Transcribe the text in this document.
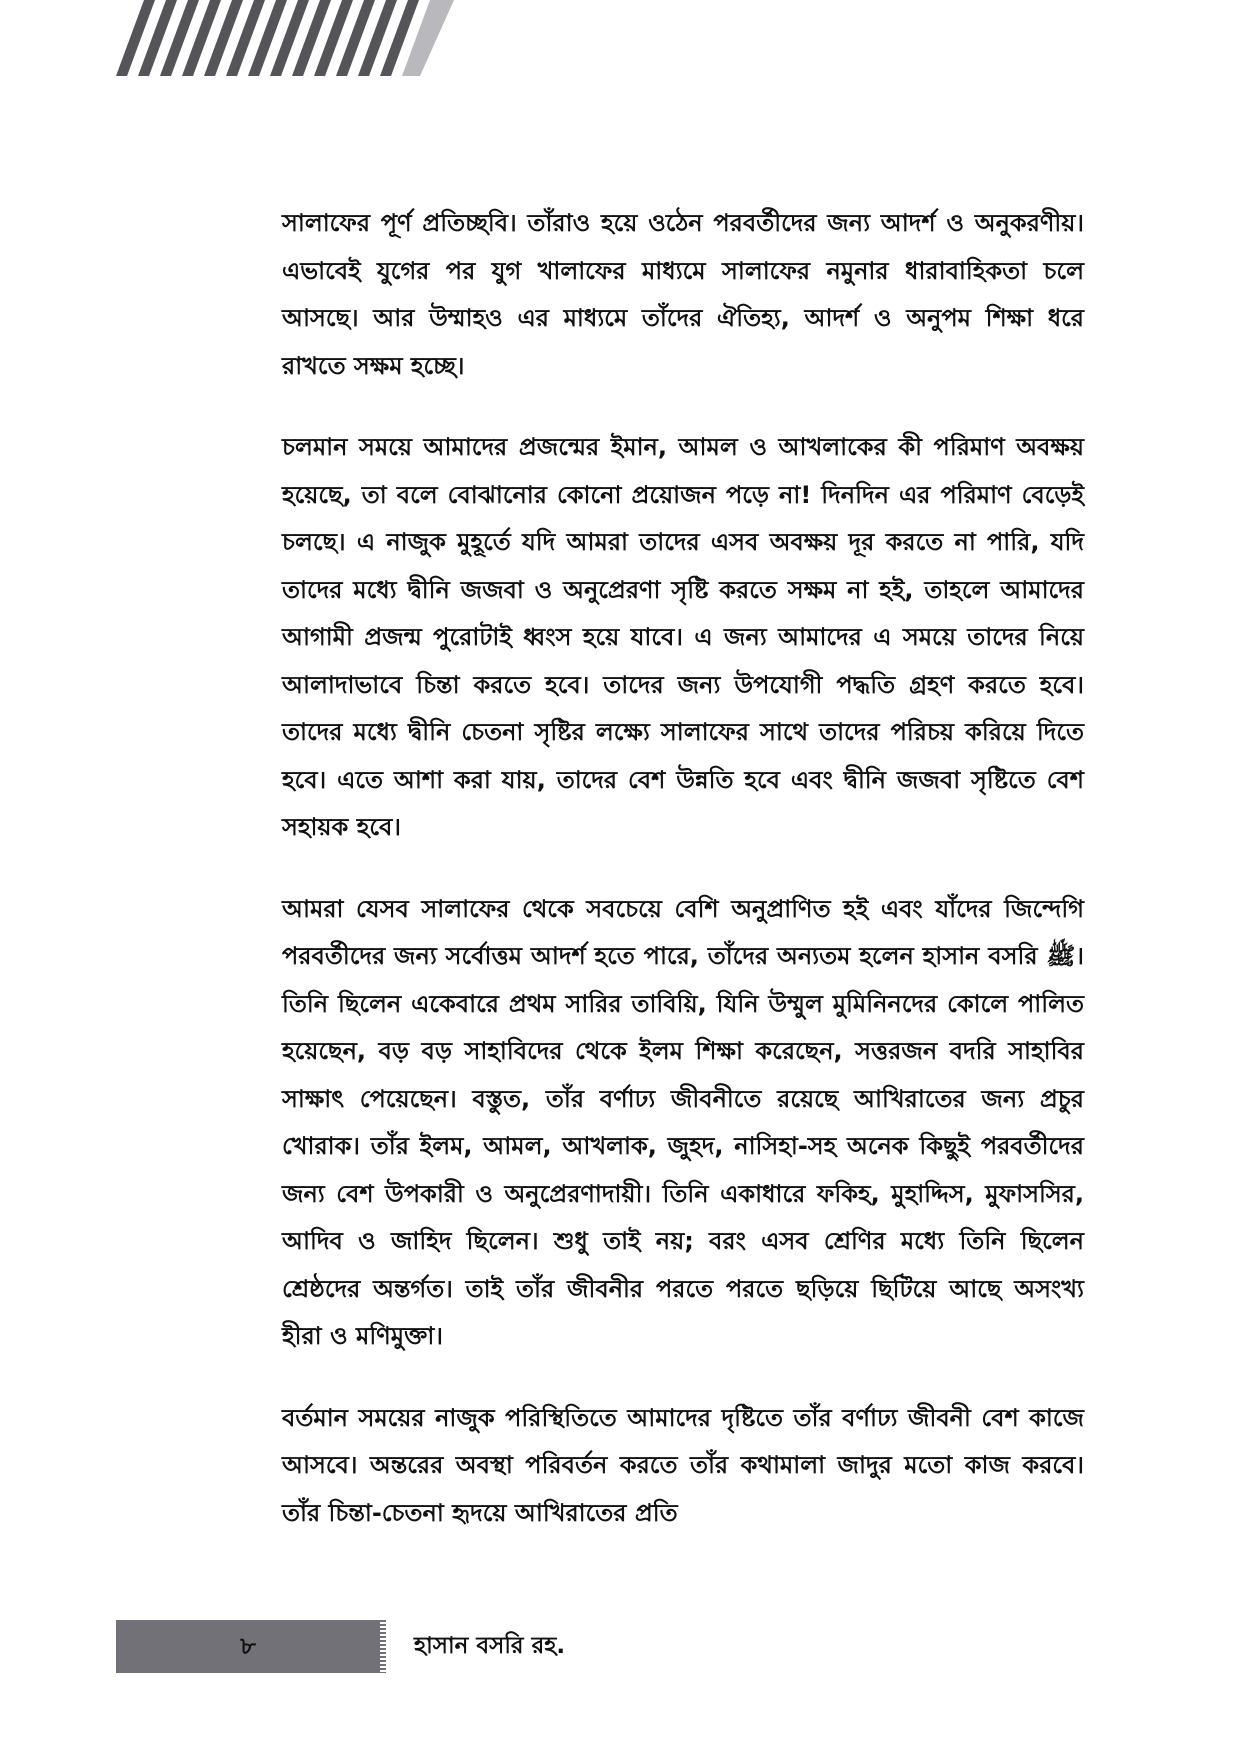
সালাফের পূর্ণ প্রতিচ্ছবি। তাঁরাও হয়ে ওঠেন পরবর্তীদের জন্য আদর্শ ও অনুকরণীয়। এভাবেই যুগের পর যুগ খালাফের মাধ্যমে সালাফের নমুনার ধারাবাহিকতা চলে আসছে। আর উম্মাহও এর মাধ্যমে তাঁদের ঐতিহ্য, আদর্শ ও অনুপম শিক্ষা ধরে রাখতে সক্ষম হচ্ছে।

চলমান সময়ে আমাদের প্রজন্মের ইমান, আমল ও আখলাকের কী পরিমাণ অবক্ষয় হয়েছে, তা বলে বোঝানোর কোনো প্রয়োজন পড়ে না! দিনদিন এর পরিমাণ বেড়েই চলছে। এ নাজুক মুহূর্তে যদি আমরা তাদের এসব অবক্ষয় দূর করতে না পারি, যদি তাদের মধ্যে দ্বীনি জজবা ও অনুপ্রেরণা সৃষ্টি করতে সক্ষম না হই, তাহলে আমাদের আগামী প্রজন্ম পুরোটাই ধ্বংস হয়ে যাবে। এ জন্য আমাদের এ সময়ে তাদের নিয়ে আলাদাভাবে চিন্তা করতে হবে। তাদের জন্য উপযোগী পদ্ধতি গ্রহণ করতে হবে। তাদের মধ্যে দ্বীনি চেতনা সৃষ্টির লক্ষ্যে সালাফের সাথে তাদের পরিচয় করিয়ে দিতে হবে। এতে আশা করা যায়, তাদের বেশ উন্নতি হবে এবং দ্বীনি জজবা সৃষ্টিতে বেশ সহায়ক হবে।

আমরা যেসব সালাফের থেকে সবচেয়ে বেশি অনুপ্রাণিত হই এবং যাঁদের জিন্দেগি পরবর্তীদের জন্য সর্বোত্তম আদর্শ হতে পারে, তাঁদের অন্যতম হলেন হাসান বসরি ﷺ। তিনি ছিলেন একেবারে প্রথম সারির তাবিয়ি, যিনি উম্মুল মুমিনিনদের কোলে পালিত হয়েছেন, বড় বড় সাহাবিদের থেকে ইলম শিক্ষা করেছেন, সত্তরজন বদরি সাহাবির সাক্ষাৎ পেয়েছেন। বস্তুত, তাঁর বর্ণাঢ্য জীবনীতে রয়েছে আখিরাতের জন্য প্রচুর খোরাক। তাঁর ইলম, আমল, আখলাক, জুহদ, নাসিহা-সহ অনেক কিছুই পরবর্তীদের জন্য বেশ উপকারী ও অনুপ্রেরণাদায়ী। তিনি একাধারে ফকিহ, মুহাদ্দিস, মুফাসসির, আদিব ও জাহিদ ছিলেন। শুধু তাই নয়; বরং এসব শ্রেণির মধ্যে তিনি ছিলেন শ্রেষ্ঠদের অন্তর্গত। তাই তাঁর জীবনীর পরতে পরতে ছড়িয়ে ছিটিয়ে আছে অসংখ্য হীরা ও মণিমুক্তা।

বর্তমান সময়ের নাজুক পরিস্থিতিতে আমাদের দৃষ্টিতে তাঁর বর্ণাঢ্য জীবনী বেশ কাজে আসবে। অন্তরের অবস্থা পরিবর্তন করতে তাঁর কথামালা জাদুর মতো কাজ করবে। তাঁর চিন্তা-চেতনা হৃদয়ে আখিরাতের প্রতি

৮	হাসান বসরি রহ.
